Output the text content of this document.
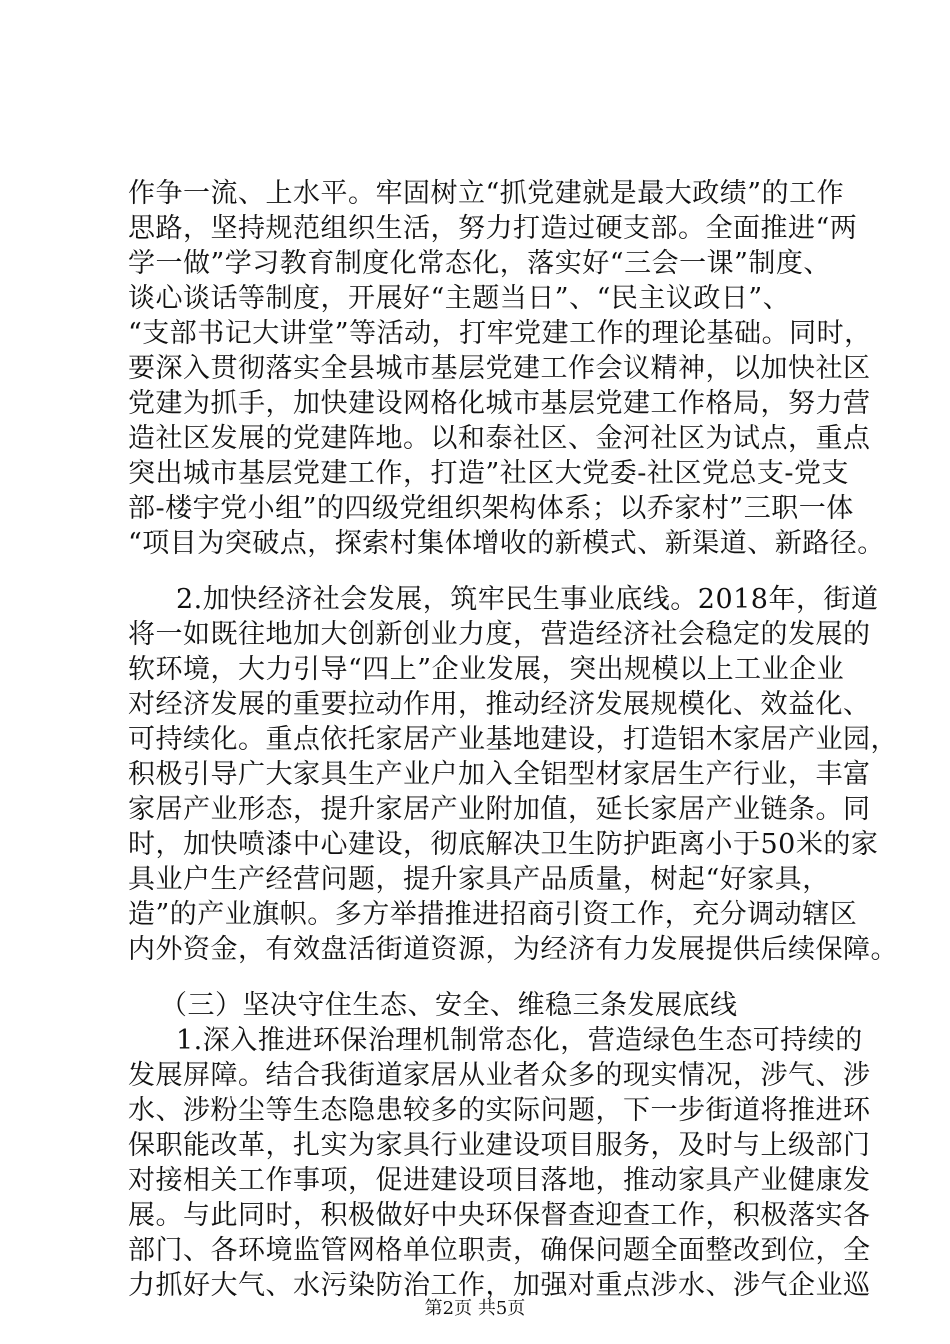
作争一流、上水平。牢固树立“抓党建就是最大政绩”的工作
思路，坚持规范组织生活，努力打造过硬支部。全面推进“两
学一做”学习教育制度化常态化，落实好“三会一课”制度、
谈心谈话等制度，开展好“主题当日”、“民主议政日”、
“支部书记大讲堂”等活动，打牢党建工作的理论基础。同时，
要深入贯彻落实全县城市基层党建工作会议精神，以加快社区
党建为抓手，加快建设网格化城市基层党建工作格局，努力营
造社区发展的党建阵地。以和泰社区、金河社区为试点，重点
突出城市基层党建工作，打造”社区大党委-社区党总支-党支
部-楼宇党小组”的四级党组织架构体系；以乔家村”三职一体
“项目为突破点，探索村集体增收的新模式、新渠道、新路径。
2.加快经济社会发展，筑牢民生事业底线。2018年，街道
将一如既往地加大创新创业力度，营造经济社会稳定的发展的
软环境，大力引导“四上”企业发展，突出规模以上工业企业
对经济发展的重要拉动作用，推动经济发展规模化、效益化、
可持续化。重点依托家居产业基地建设，打造铝木家居产业园，
积极引导广大家具生产业户加入全铝型材家居生产行业，丰富
家居产业形态，提升家居产业附加值，延长家居产业链条。同
时，加快喷漆中心建设，彻底解决卫生防护距离小于50米的家
具业户生产经营问题，提升家具产品质量，树起“好家具，
造”的产业旗帜。多方举措推进招商引资工作，充分调动辖区
内外资金，有效盘活街道资源，为经济有力发展提供后续保障。
（三）坚决守住生态、安全、维稳三条发展底线
1.深入推进环保治理机制常态化，营造绿色生态可持续的
发展屏障。结合我街道家居从业者众多的现实情况，涉气、涉
水、涉粉尘等生态隐患较多的实际问题，下一步街道将推进环
保职能改革，扎实为家具行业建设项目服务，及时与上级部门
对接相关工作事项，促进建设项目落地，推动家具产业健康发
展。与此同时，积极做好中央环保督查迎查工作，积极落实各
部门、各环境监管网格单位职责，确保问题全面整改到位，全
力抓好大气、水污染防治工作，加强对重点涉水、涉气企业巡
第2页 共5页
